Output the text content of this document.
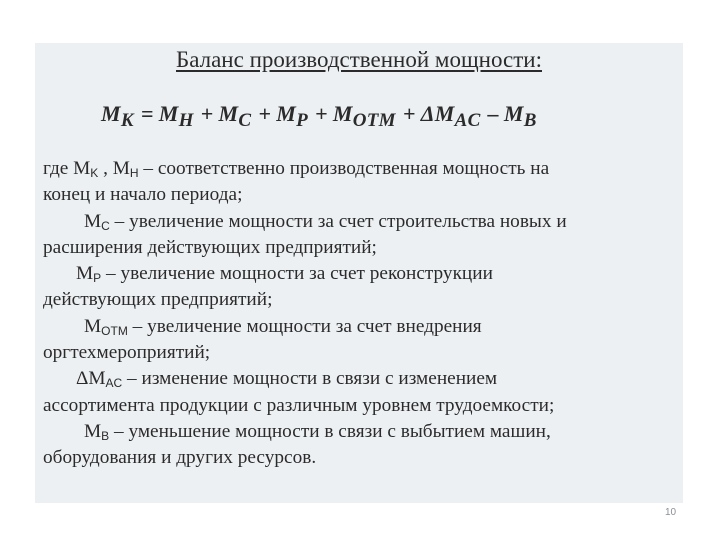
Баланс производственной мощности:
$M_K = M_H + M_C + M_P + M_{OTM} + \Delta M_{AC} - M_B$
где $M_K$ , $M_H$ – соответственно производственная мощность на
конец и начало периода;
$M_C$ – увеличение мощности за счет строительства новых и
расширения действующих предприятий;
$M_P$ – увеличение мощности за счет реконструкции
действующих предприятий;
$M_{OTM}$ – увеличение мощности за счет внедрения
оргтехмероприятий;
$\Delta M_{AC}$ – изменение мощности в связи с изменением
ассортимента продукции с различным уровнем трудоемкости;
$M_B$ – уменьшение мощности в связи с выбытием машин,
оборудования и других ресурсов.
10
